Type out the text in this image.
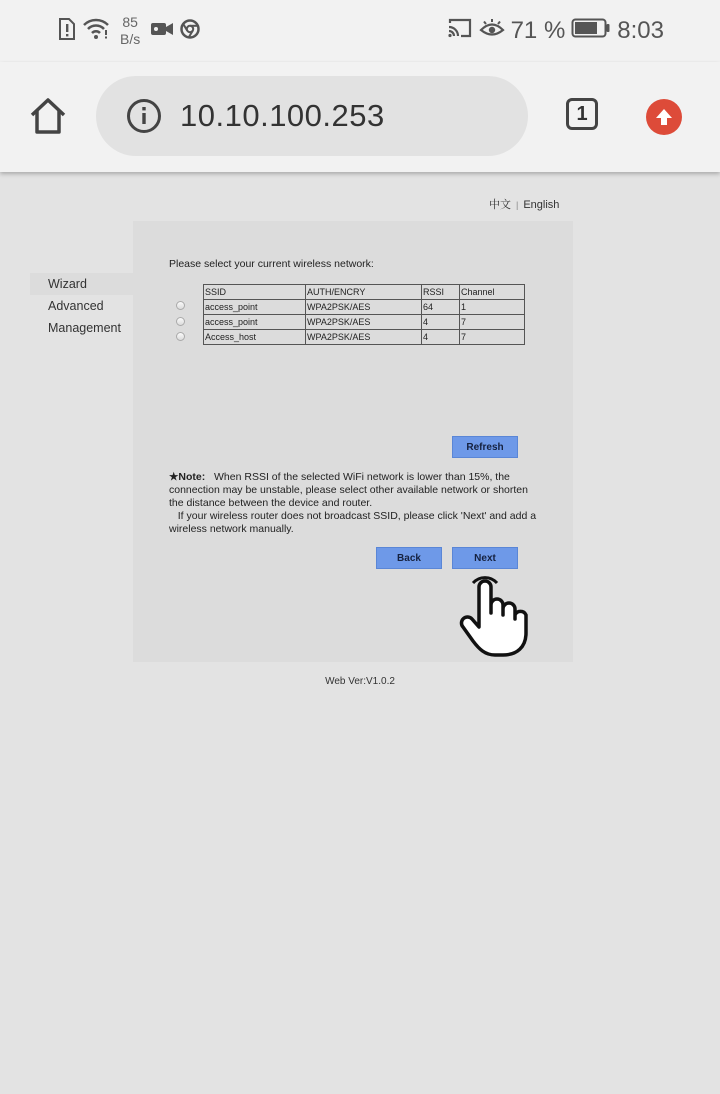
85
B/s	71 % 8:03
10.10.100.253	1
中文 | English
Wizard
Advanced
Management
Please select your current wireless network:
SSID	AUTH/ENCRY	RSSI	Channel
access_point	WPA2PSK/AES	64	1
access_point	WPA2PSK/AES	4	7
Access_host	WPA2PSK/AES	4	7
Refresh
★Note: When RSSI of the selected WiFi network is lower than 15%, the connection may be unstable, please select other available network or shorten the distance between the device and router.
If your wireless router does not broadcast SSID, please click 'Next' and add a wireless network manually.
Back	Next
Web Ver:V1.0.2
